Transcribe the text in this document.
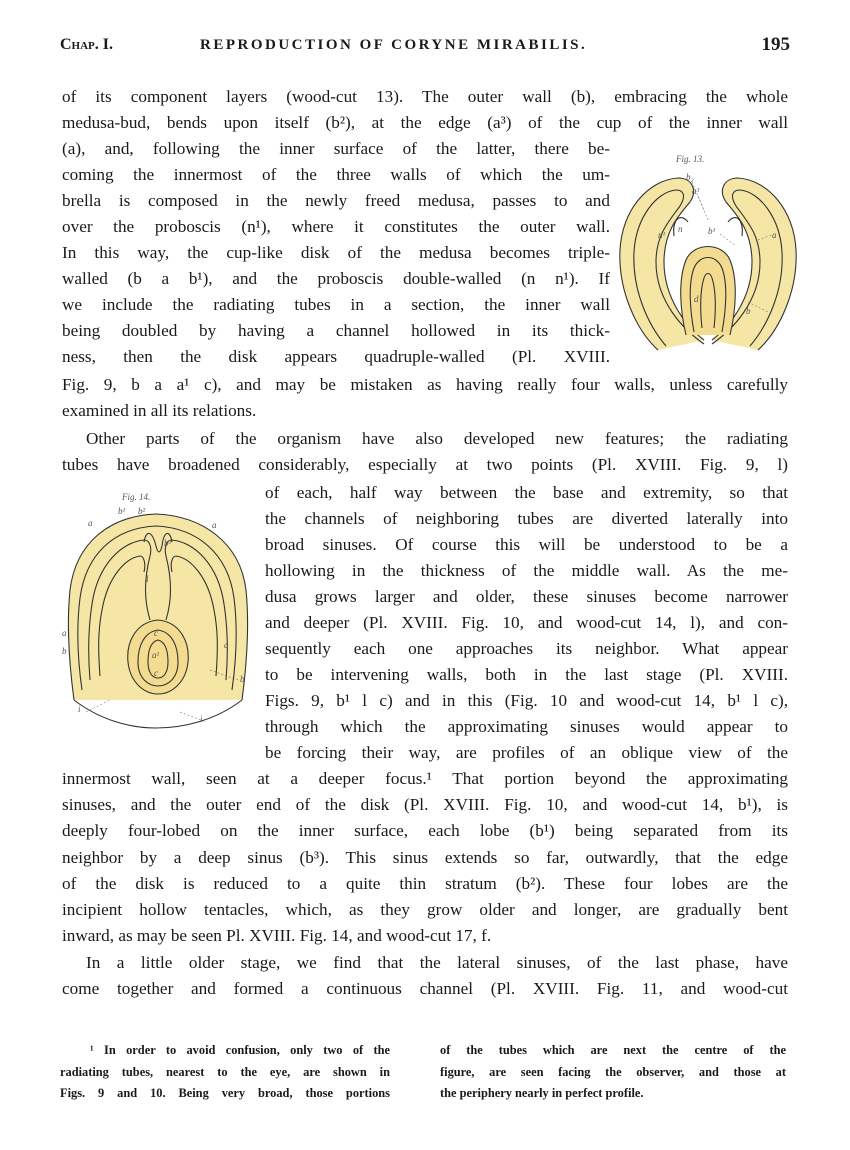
Chap. I.	REPRODUCTION OF CORYNE MIRABILIS.	195
of its component layers (wood-cut 13). The outer wall (b), embracing the whole
medusa-bud, bends upon itself (b²), at the edge (a³) of the cup of the inner wall
(a), and, following the inner surface of the latter, there be-
coming the innermost of the three walls of which the um-
brella is composed in the newly freed medusa, passes to and
over the proboscis (n¹), where it constitutes the outer wall.
In this way, the cup-like disk of the medusa becomes triple-
walled (b a b¹), and the proboscis double-walled (n n¹). If
we include the radiating tubes in a section, the inner wall
being doubled by having a channel hollowed in its thick-
ness, then the disk appears quadruple-walled (Pl. XVIII.
Fig. 9, b a a¹ c), and may be mistaken as having really four walls, unless carefully
examined in all its relations.
Other parts of the organism have also developed new features; the radiating
tubes have broadened considerably, especially at two points (Pl. XVIII. Fig. 9, l)
of each, half way between the base and extremity, so that
the channels of neighboring tubes are diverted laterally into
broad sinuses. Of course this will be understood to be a
hollowing in the thickness of the middle wall. As the me-
dusa grows larger and older, these sinuses become narrower
and deeper (Pl. XVIII. Fig. 10, and wood-cut 14, l), and con-
sequently each one approaches its neighbor. What appear
to be intervening walls, both in the last stage (Pl. XVIII.
Figs. 9, b¹ l c) and in this (Fig. 10 and wood-cut 14, b¹ l c),
through which the approximating sinuses would appear to
be forcing their way, are profiles of an oblique view of the
innermost wall, seen at a deeper focus.¹ That portion beyond the approximating
sinuses, and the outer end of the disk (Pl. XVIII. Fig. 10, and wood-cut 14, b¹), is
deeply four-lobed on the inner surface, each lobe (b¹) being separated from its
neighbor by a deep sinus (b³). This sinus extends so far, outwardly, that the edge
of the disk is reduced to a quite thin stratum (b²). These four lobes are the
incipient hollow tentacles, which, as they grow older and longer, are gradually bent
inward, as may be seen Pl. XVIII. Fig. 14, and wood-cut 17, f.
In a little older stage, we find that the lateral sinuses, of the last phase, have
come together and formed a continuous channel (Pl. XVIII. Fig. 11, and wood-cut
Fig. 13.
b₂
a³
n¹
n	b¹	a
d
b
Fig. 14.
b¹ b²
a	a
b³
l
a
b
c
a¹
c
a
b
i
i
¹ In order to avoid confusion, only two of the
radiating tubes, nearest to the eye, are shown in
Figs. 9 and 10. Being very broad, those portions
of the tubes which are next the centre of the
figure, are seen facing the observer, and those at
the periphery nearly in perfect profile.
